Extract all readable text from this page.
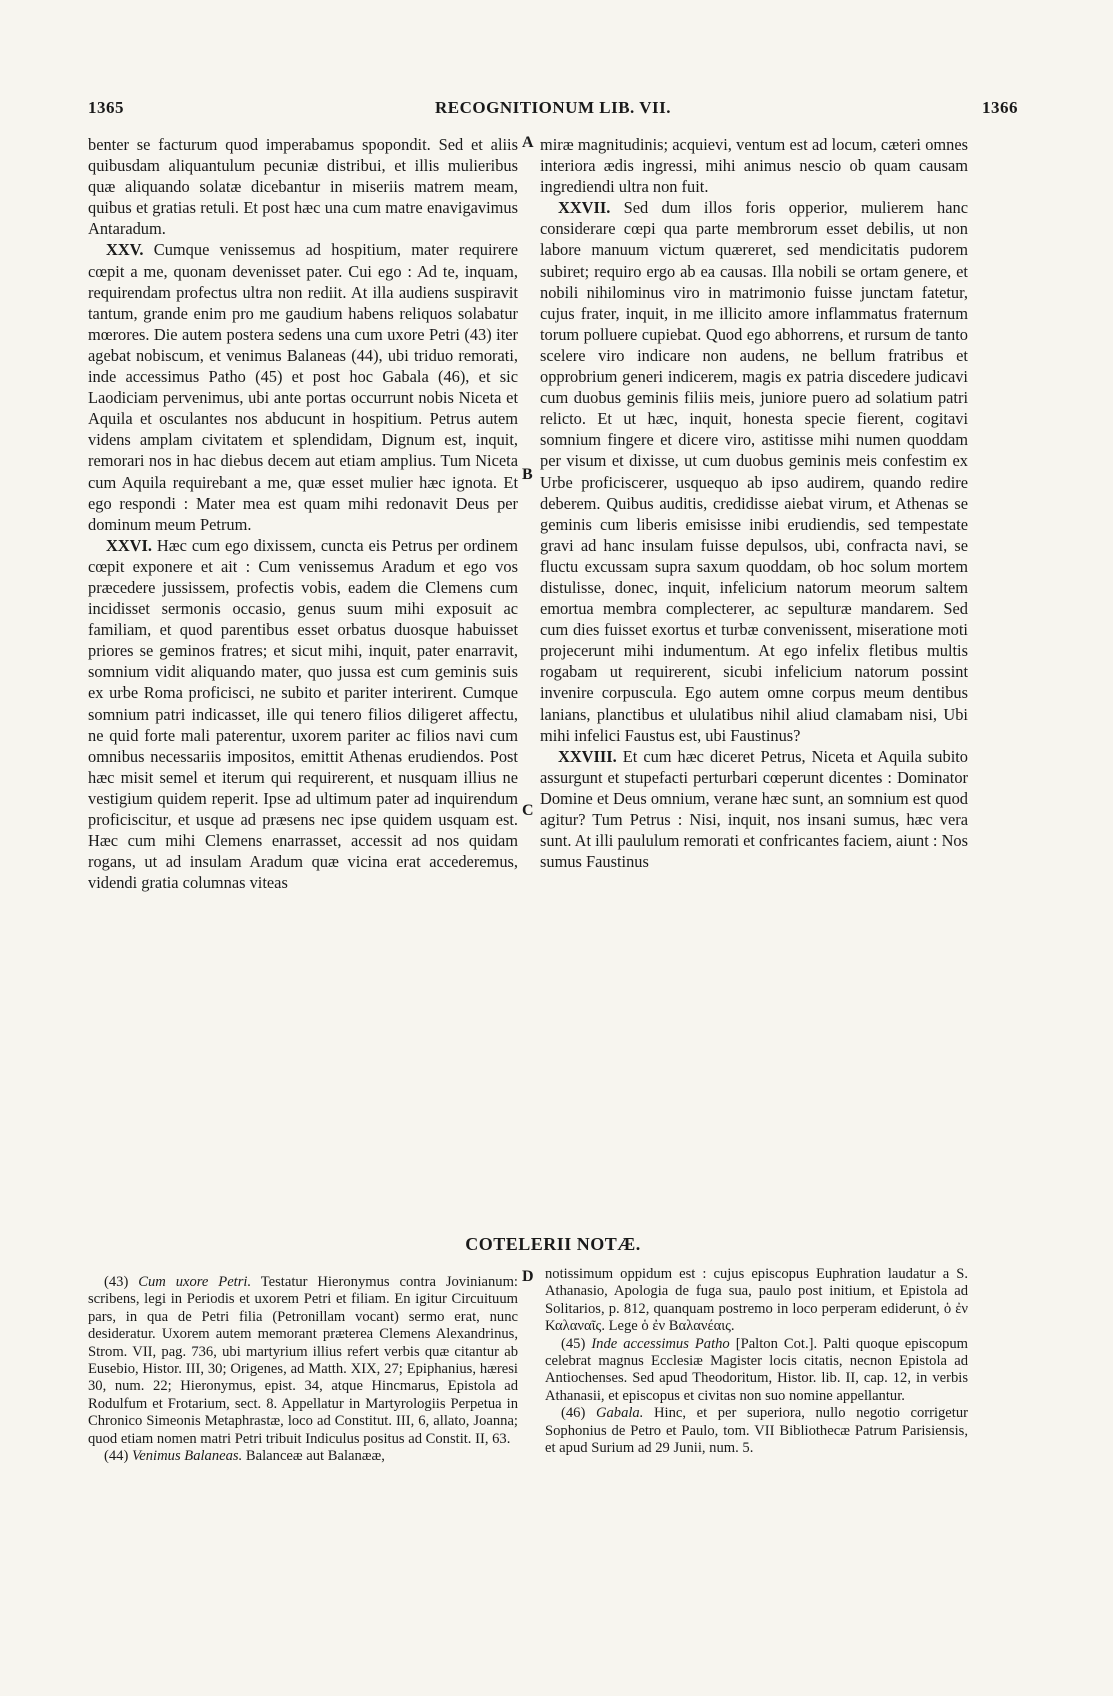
1365	RECOGNITIONUM LIB. VII.	1366

benter se facturum quod imperabamus spopondit. Sed et aliis quibusdam aliquantulum pecuniæ distribui, et illis mulieribus quæ aliquando solatæ dicebantur in miseriis matrem meam, quibus et gratias retuli. Et post hæc una cum matre enavigavimus Antaradum.

XXV. Cumque venissemus ad hospitium, mater requirere cœpit a me, quonam devenisset pater. Cui ego : Ad te, inquam, requirendam profectus ultra non rediit. At illa audiens suspiravit tantum, grande enim pro me gaudium habens reliquos solabatur mœrores. Die autem postera sedens una cum uxore Petri (43) iter agebat nobiscum, et venimus Balaneas (44), ubi triduo remorati, inde accessimus Patho (45) et post hoc Gabala (46), et sic Laodiciam pervenimus, ubi ante portas occurrunt nobis Niceta et Aquila et osculantes nos abducunt in hospitium. Petrus autem videns amplam civitatem et splendidam, Dignum est, inquit, remorari nos in hac diebus decem aut etiam amplius. Tum Niceta cum Aquila requirebant a me, quæ esset mulier hæc ignota. Et ego respondi : Mater mea est quam mihi redonavit Deus per dominum meum Petrum.

XXVI. Hæc cum ego dixissem, cuncta eis Petrus per ordinem cœpit exponere et ait : Cum venissemus Aradum et ego vos præcedere jussissem, profectis vobis, eadem die Clemens cum incidisset sermonis occasio, genus suum mihi exposuit ac familiam, et quod parentibus esset orbatus duosque habuisset priores se geminos fratres; et sicut mihi, inquit, pater enarravit, somnium vidit aliquando mater, quo jussa est cum geminis suis ex urbe Roma proficisci, ne subito et pariter interirent. Cumque somnium patri indicasset, ille qui tenero filios diligeret affectu, ne quid forte mali paterentur, uxorem pariter ac filios navi cum omnibus necessariis impositos, emittit Athenas erudiendos. Post hæc misit semel et iterum qui requirerent, et nusquam illius ne vestigium quidem reperit. Ipse ad ultimum pater ad inquirendum proficiscitur, et usque ad præsens nec ipse quidem usquam est. Hæc cum mihi Clemens enarrasset, accessit ad nos quidam rogans, ut ad insulam Aradum quæ vicina erat accederemus, videndi gratia columnas viteas

A
B
C
D

miræ magnitudinis; acquievi, ventum est ad locum, cæteri omnes interiora ædis ingressi, mihi animus nescio ob quam causam ingrediendi ultra non fuit.

XXVII. Sed dum illos foris opperior, mulierem hanc considerare cœpi qua parte membrorum esset debilis, ut non labore manuum victum quæreret, sed mendicitatis pudorem subiret; requiro ergo ab ea causas. Illa nobili se ortam genere, et nobili nihilominus viro in matrimonio fuisse junctam fatetur, cujus frater, inquit, in me illicito amore inflammatus fraternum torum polluere cupiebat. Quod ego abhorrens, et rursum de tanto scelere viro indicare non audens, ne bellum fratribus et opprobrium generi indicerem, magis ex patria discedere judicavi cum duobus geminis filiis meis, juniore puero ad solatium patri relicto. Et ut hæc, inquit, honesta specie fierent, cogitavi somnium fingere et dicere viro, astitisse mihi numen quoddam per visum et dixisse, ut cum duobus geminis meis confestim ex Urbe proficiscerer, usquequo ab ipso audirem, quando redire deberem. Quibus auditis, credidisse aiebat virum, et Athenas se geminis cum liberis emisisse inibi erudiendis, sed tempestate gravi ad hanc insulam fuisse depulsos, ubi, confracta navi, se fluctu excussam supra saxum quoddam, ob hoc solum mortem distulisse, donec, inquit, infelicium natorum meorum saltem emortua membra complecterer, ac sepulturæ mandarem. Sed cum dies fuisset exortus et turbæ convenissent, miseratione moti projecerunt mihi indumentum. At ego infelix fletibus multis rogabam ut requirerent, sicubi infelicium natorum possint invenire corpuscula. Ego autem omne corpus meum dentibus lanians, planctibus et ululatibus nihil aliud clamabam nisi, Ubi mihi infelici Faustus est, ubi Faustinus?

XXVIII. Et cum hæc diceret Petrus, Niceta et Aquila subito assurgunt et stupefacti perturbari cœperunt dicentes : Dominator Domine et Deus omnium, verane hæc sunt, an somnium est quod agitur? Tum Petrus : Nisi, inquit, nos insani sumus, hæc vera sunt. At illi paululum remorati et confricantes faciem, aiunt : Nos sumus Faustinus

COTELERII NOTÆ.

(43) Cum uxore Petri. Testatur Hieronymus contra Jovinianum: scribens, legi in Periodis et uxorem Petri et filiam. En igitur Circuituum pars, in qua de Petri filia (Petronillam vocant) sermo erat, nunc desideratur. Uxorem autem memorant præterea Clemens Alexandrinus, Strom. VII, pag. 736, ubi martyrium illius refert verbis quæ citantur ab Eusebio, Histor. III, 30; Origenes, ad Matth. XIX, 27; Epiphanius, hæresi 30, num. 22; Hieronymus, epist. 34, atque Hincmarus, Epistola ad Rodulfum et Frotarium, sect. 8. Appellatur in Martyrologiis Perpetua in Chronico Simeonis Metaphrastæ, loco ad Constitut. III, 6, allato, Joanna; quod etiam nomen matri Petri tribuit Indiculus positus ad Constit. II, 63.

(44) Venimus Balaneas. Balanceæ aut Balanææ,

notissimum oppidum est : cujus episcopus Euphration laudatur a S. Athanasio, Apologia de fuga sua, paulo post initium, et Epistola ad Solitarios, p. 812, quanquam postremo in loco perperam ediderunt, ὁ ἐν Καλαναῖς. Lege ὁ ἐν Βαλανέαις.

(45) Inde accessimus Patho [Palton Cot.]. Palti quoque episcopum celebrat magnus Ecclesiæ Magister locis citatis, necnon Epistola ad Antiochenses. Sed apud Theodoritum, Histor. lib. II, cap. 12, in verbis Athanasii, et episcopus et civitas non suo nomine appellantur.

(46) Gabala. Hinc, et per superiora, nullo negotio corrigetur Sophonius de Petro et Paulo, tom. VII Bibliothecæ Patrum Parisiensis, et apud Surium ad 29 Junii, num. 5.
